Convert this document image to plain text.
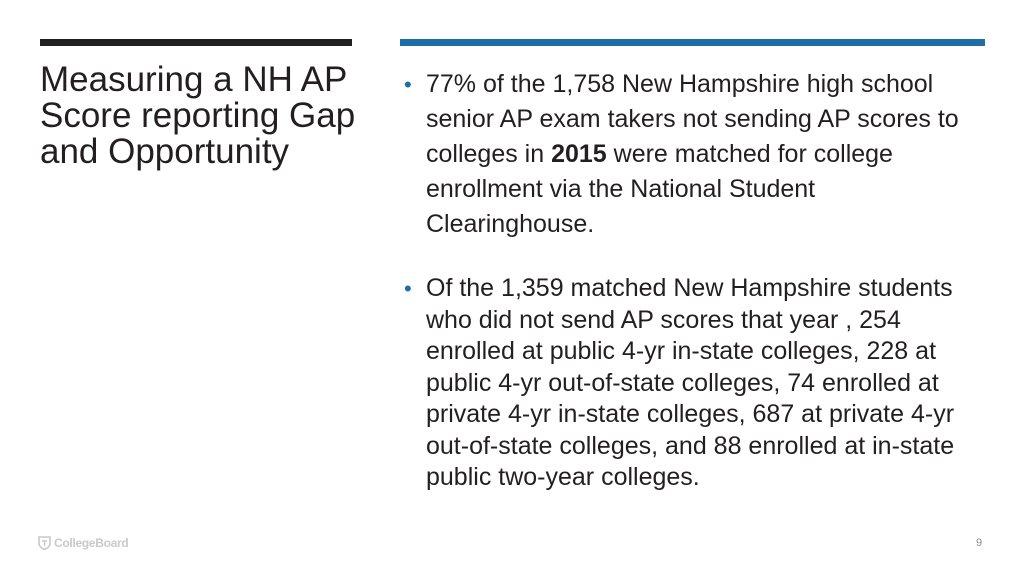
Measuring a NH AP Score reporting Gap and Opportunity
• 77% of the 1,758 New Hampshire high school senior AP exam takers not sending AP scores to colleges in 2015 were matched for college enrollment via the National Student Clearinghouse.
• Of the 1,359 matched New Hampshire students who did not send AP scores that year , 254 enrolled at public 4-yr in-state colleges, 228 at public 4-yr out-of-state colleges, 74 enrolled at private 4-yr in-state colleges, 687 at private 4-yr out-of-state colleges, and 88 enrolled at in-state public two-year colleges.
CollegeBoard	9
